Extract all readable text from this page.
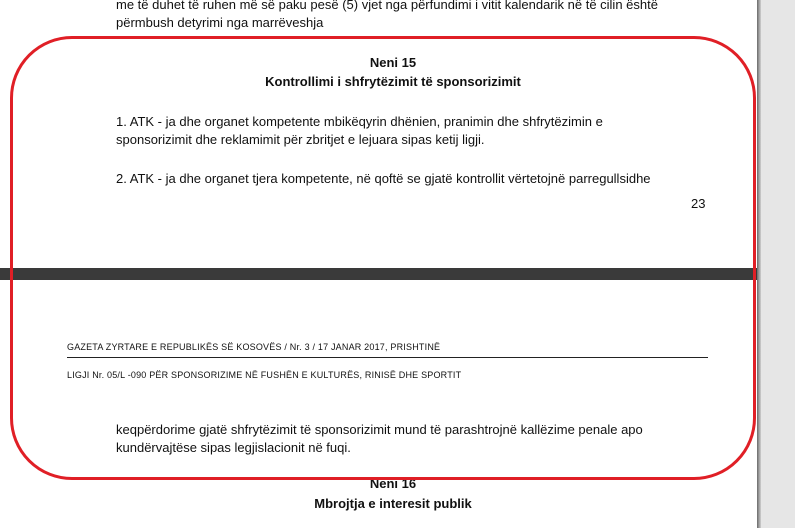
me të duhet të ruhen më së paku pesë (5) vjet nga përfundimi i vitit kalendarik në të cilin është

përmbush detyrimi nga marrëveshja

Neni 15

Kontrollimi i shfrytëzimit të sponsorizimit

1. ATK - ja dhe organet kompetente mbikëqyrin dhënien, pranimin dhe shfrytëzimin e

sponsorizimit dhe reklamimit për zbritjet e lejuara sipas ketij ligji.

2. ATK - ja dhe organet tjera kompetente, në qoftë se gjatë kontrollit vërtetojnë parregullsidhe

23

GAZETA ZYRTARE E REPUBLIKËS SË KOSOVËS / Nr. 3 / 17 JANAR 2017, PRISHTINË

LIGJI Nr. 05/L -090 PËR SPONSORIZIME NË FUSHËN E KULTURËS, RINISË DHE SPORTIT

keqpërdorime gjatë shfrytëzimit të sponsorizimit mund të parashtrojnë kallëzime penale apo

kundërvajtëse sipas legjislacionit në fuqi.

Neni 16

Mbrojtja e interesit publik
